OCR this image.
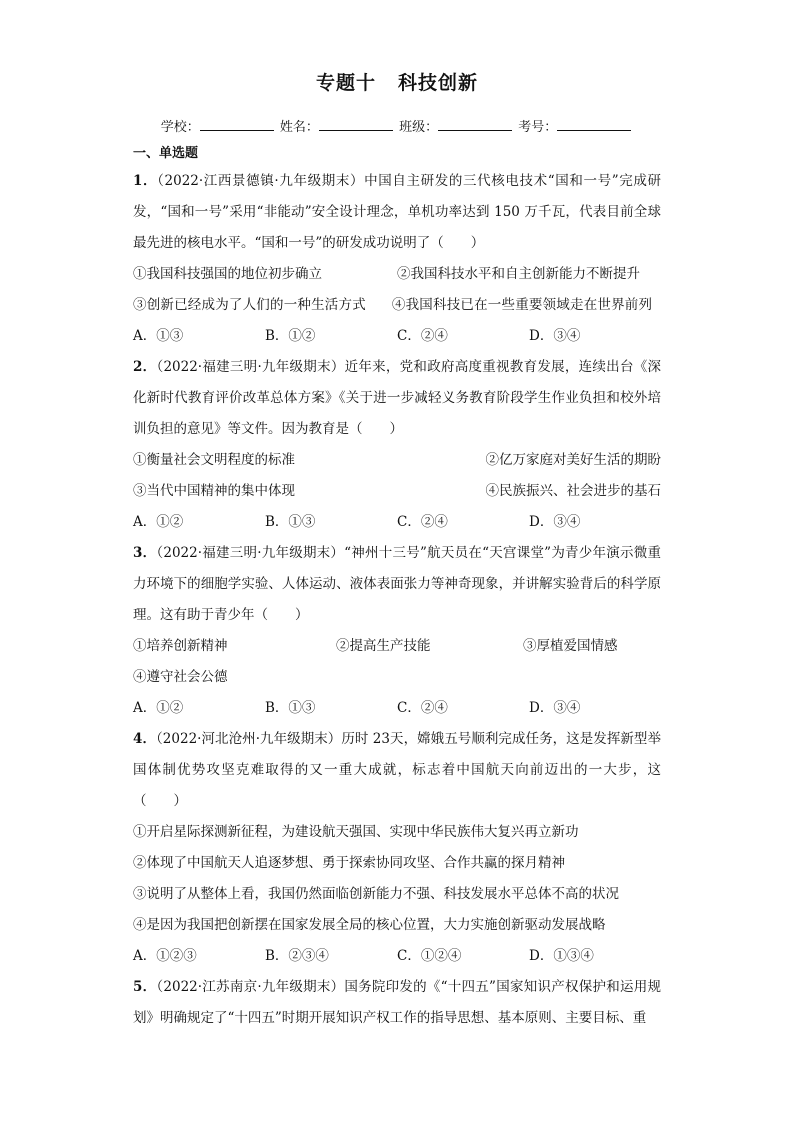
专题十 科技创新
学校：	姓名：	班级：	考号：
一、单选题
1．（2022·江西景德镇·九年级期末）中国自主研发的三代核电技术“国和一号”完成研发，“国和一号”采用“非能动”安全设计理念，单机功率达到 150 万千瓦，代表目前全球最先进的核电水平。“国和一号”的研发成功说明了（　　）
①我国科技强国的地位初步确立	②我国科技水平和自主创新能力不断提升
③创新已经成为了人们的一种生活方式 ④我国科技已在一些重要领域走在世界前列
A．①③	B．①②	C．②④	D．③④
2．（2022·福建三明·九年级期末）近年来，党和政府高度重视教育发展，连续出台《深化新时代教育评价改革总体方案》《关于进一步减轻义务教育阶段学生作业负担和校外培训负担的意见》等文件。因为教育是（　　）
①衡量社会文明程度的标准	②亿万家庭对美好生活的期盼
③当代中国精神的集中体现	④民族振兴、社会进步的基石
A．①②	B．①③	C．②④	D．③④
3．（2022·福建三明·九年级期末）“神州十三号”航天员在“天宫课堂”为青少年演示微重力环境下的细胞学实验、人体运动、液体表面张力等神奇现象，并讲解实验背后的科学原理。这有助于青少年（　　）
①培养创新精神	②提高生产技能	③厚植爱国情感
④遵守社会公德
A．①②	B．①③	C．②④	D．③④
4．（2022·河北沧州·九年级期末）历时 23天，嫦娥五号顺利完成任务，这是发挥新型举国体制优势攻坚克难取得的又一重大成就，标志着中国航天向前迈出的一大步，这（　　）
①开启星际探测新征程，为建设航天强国、实现中华民族伟大复兴再立新功
②体现了中国航天人追逐梦想、勇于探索协同攻坚、合作共赢的探月精神
③说明了从整体上看，我国仍然面临创新能力不强、科技发展水平总体不高的状况
④是因为我国把创新摆在国家发展全局的核心位置，大力实施创新驱动发展战略
A．①②③	B．②③④	C．①②④	D．①③④
5．（2022·江苏南京·九年级期末）国务院印发的《“十四五”国家知识产权保护和运用规划》明确规定了“十四五”时期开展知识产权工作的指导思想、基本原则、主要目标、重
